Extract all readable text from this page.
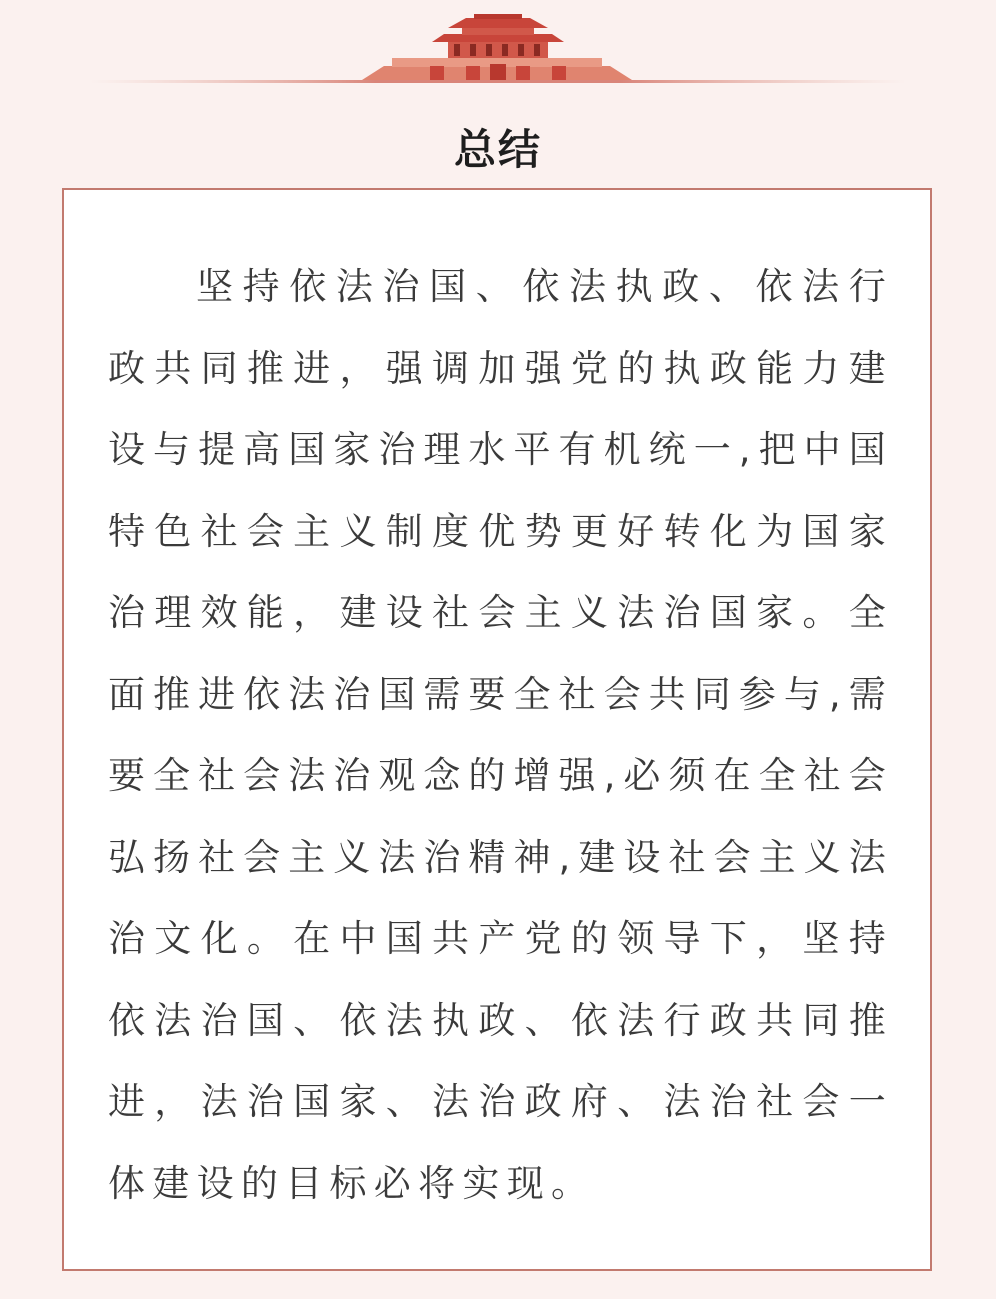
总结

坚持依法治国、依法执政、依法行政共同推进，强调加强党的执政能力建设与提高国家治理水平有机统一,把中国特色社会主义制度优势更好转化为国家治理效能，建设社会主义法治国家。全面推进依法治国需要全社会共同参与,需要全社会法治观念的增强,必须在全社会弘扬社会主义法治精神,建设社会主义法治文化。在中国共产党的领导下，坚持依法治国、依法执政、依法行政共同推进，法治国家、法治政府、法治社会一体建设的目标必将实现。
